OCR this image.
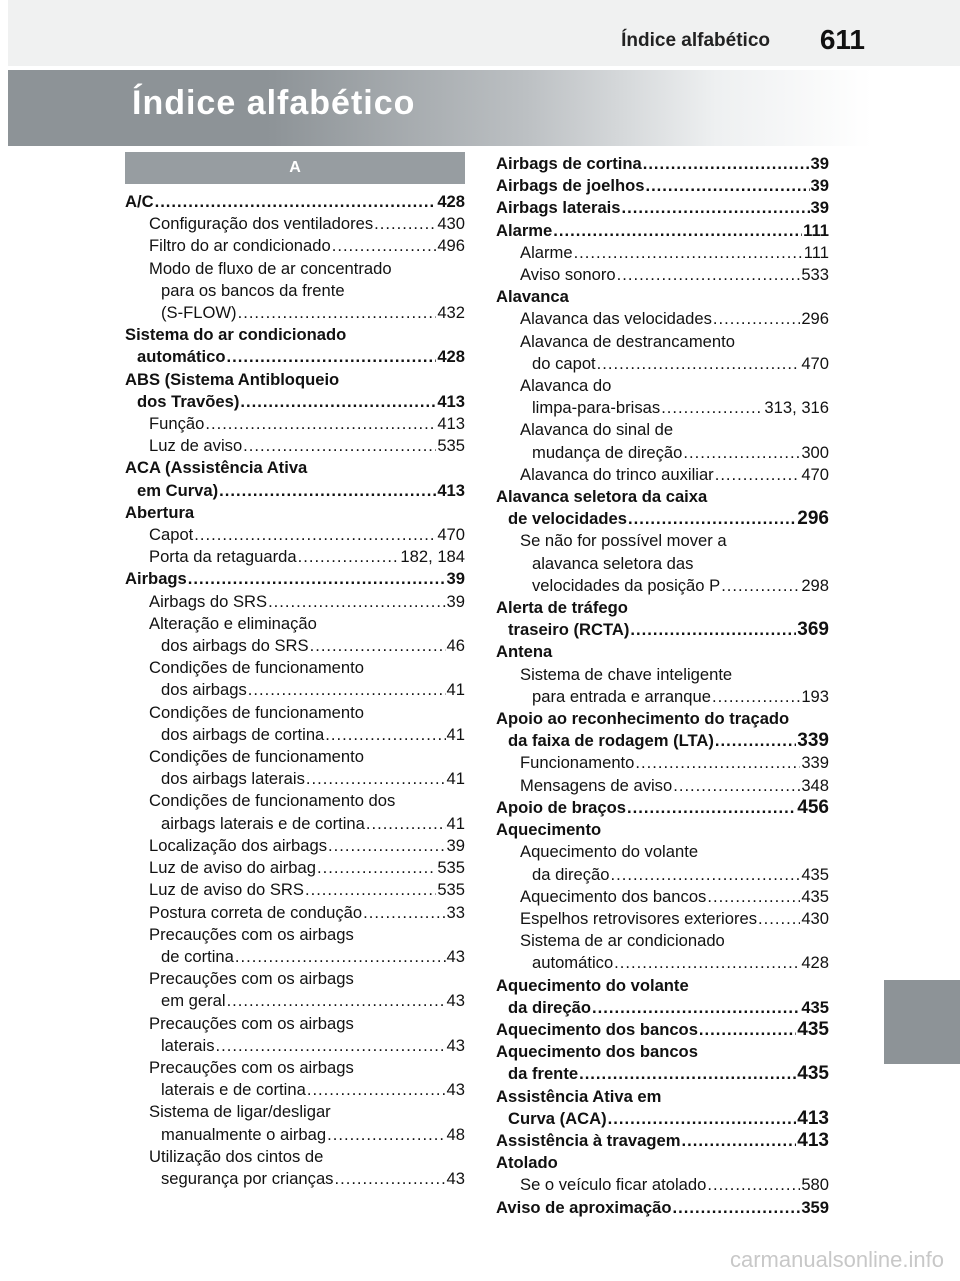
Índice alfabético 611
Índice alfabético
A
A/C .....	428
Configuração dos ventiladores .....	430
Filtro do ar condicionado .....	496
Modo de fluxo de ar concentrado
para os bancos da frente
(S-FLOW) .....	432
Sistema do ar condicionado
automático .....	428
ABS (Sistema Antibloqueio
dos Travões) .....	413
Função .....	413
Luz de aviso .....	535
ACA (Assistência Ativa
em Curva) .....	413
Abertura
Capot .....	470
Porta da retaguarda .....	182, 184
Airbags .....	39
Airbags do SRS .....	39
Alteração e eliminação
dos airbags do SRS .....	46
Condições de funcionamento
dos airbags .....	41
Condições de funcionamento
dos airbags de cortina .....	41
Condições de funcionamento
dos airbags laterais .....	41
Condições de funcionamento dos
airbags laterais e de cortina .....	41
Localização dos airbags .....	39
Luz de aviso do airbag .....	535
Luz de aviso do SRS .....	535
Postura correta de condução .....	33
Precauções com os airbags
de cortina .....	43
Precauções com os airbags
em geral .....	43
Precauções com os airbags
laterais .....	43
Precauções com os airbags
laterais e de cortina .....	43
Sistema de ligar/desligar
manualmente o airbag .....	48
Utilização dos cintos de
segurança por crianças .....	43
Airbags de cortina .....	39
Airbags de joelhos .....	39
Airbags laterais .....	39
Alarme .....	111
Alarme .....	111
Aviso sonoro .....	533
Alavanca
Alavanca das velocidades .....	296
Alavanca de destrancamento
do capot .....	470
Alavanca do
limpa-para-brisas .....	313, 316
Alavanca do sinal de
mudança de direção .....	300
Alavanca do trinco auxiliar .....	470
Alavanca seletora da caixa
de velocidades .....	296
Se não for possível mover a
alavanca seletora das
velocidades da posição P .....	298
Alerta de tráfego
traseiro (RCTA) .....	369
Antena
Sistema de chave inteligente
para entrada e arranque .....	193
Apoio ao reconhecimento do traçado
da faixa de rodagem (LTA) .....	339
Funcionamento .....	339
Mensagens de aviso .....	348
Apoio de braços .....	456
Aquecimento
Aquecimento do volante
da direção .....	435
Aquecimento dos bancos .....	435
Espelhos retrovisores exteriores .....	430
Sistema de ar condicionado
automático .....	428
Aquecimento do volante
da direção .....	435
Aquecimento dos bancos .....	435
Aquecimento dos bancos
da frente .....	435
Assistência Ativa em
Curva (ACA) .....	413
Assistência à travagem .....	413
Atolado
Se o veículo ficar atolado .....	580
Aviso de aproximação .....	359
carmanualsonline.info
